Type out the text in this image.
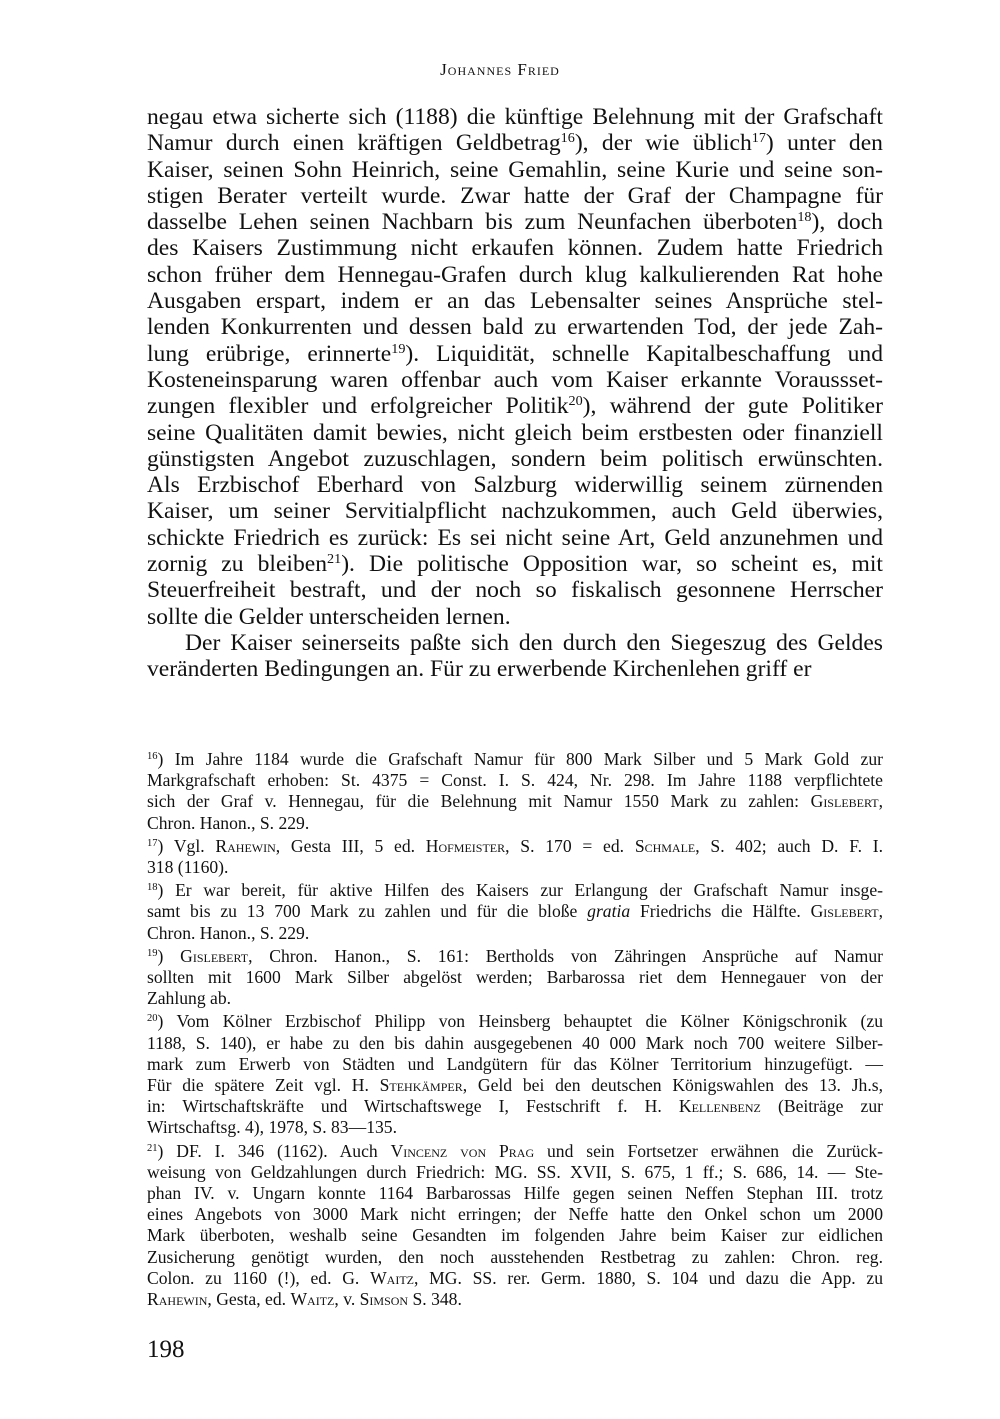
Johannes Fried

negau etwa sicherte sich (1188) die künftige Belehnung mit der Grafschaft

Namur durch einen kräftigen Geldbetrag$^{16}$), der wie üblich$^{17}$) unter den

Kaiser, seinen Sohn Heinrich, seine Gemahlin, seine Kurie und seine son-

stigen Berater verteilt wurde. Zwar hatte der Graf der Champagne für

dasselbe Lehen seinen Nachbarn bis zum Neunfachen überboten$^{18}$), doch

des Kaisers Zustimmung nicht erkaufen können. Zudem hatte Friedrich

schon früher dem Hennegau-Grafen durch klug kalkulierenden Rat hohe

Ausgaben erspart, indem er an das Lebensalter seines Ansprüche stel-

lenden Konkurrenten und dessen bald zu erwartenden Tod, der jede Zah-

lung erübrige, erinnerte$^{19}$). Liquidität, schnelle Kapitalbeschaffung und

Kosteneinsparung waren offenbar auch vom Kaiser erkannte Voraussset-

zungen flexibler und erfolgreicher Politik$^{20}$), während der gute Politiker

seine Qualitäten damit bewies, nicht gleich beim erstbesten oder finanziell

günstigsten Angebot zuzuschlagen, sondern beim politisch erwünschten.

Als Erzbischof Eberhard von Salzburg widerwillig seinem zürnenden

Kaiser, um seiner Servitialpflicht nachzukommen, auch Geld überwies,

schickte Friedrich es zurück: Es sei nicht seine Art, Geld anzunehmen und

zornig zu bleiben$^{21}$). Die politische Opposition war, so scheint es, mit

Steuerfreiheit bestraft, und der noch so fiskalisch gesonnene Herrscher

sollte die Gelder unterscheiden lernen.

Der Kaiser seinerseits paßte sich den durch den Siegeszug des Geldes

veränderten Bedingungen an. Für zu erwerbende Kirchenlehen griff er

$^{16}$) Im Jahre 1184 wurde die Grafschaft Namur für 800 Mark Silber und 5 Mark Gold zur
Markgrafschaft erhoben: St. 4375 = Const. I. S. 424, Nr. 298. Im Jahre 1188 verpflichtete
sich der Graf v. Hennegau, für die Belehnung mit Namur 1550 Mark zu zahlen: Gislebert,
Chron. Hanon., S. 229.
$^{17}$) Vgl. Rahewin, Gesta III, 5 ed. Hofmeister, S. 170 = ed. Schmale, S. 402; auch D. F. I.
318 (1160).
$^{18}$) Er war bereit, für aktive Hilfen des Kaisers zur Erlangung der Grafschaft Namur insge-
samt bis zu 13 700 Mark zu zahlen und für die bloße gratia Friedrichs die Hälfte. Gislebert,
Chron. Hanon., S. 229.
$^{19}$) Gislebert, Chron. Hanon., S. 161: Bertholds von Zähringen Ansprüche auf Namur
sollten mit 1600 Mark Silber abgelöst werden; Barbarossa riet dem Hennegauer von der
Zahlung ab.
$^{20}$) Vom Kölner Erzbischof Philipp von Heinsberg behauptet die Kölner Königschronik (zu
1188, S. 140), er habe zu den bis dahin ausgegebenen 40 000 Mark noch 700 weitere Silber-
mark zum Erwerb von Städten und Landgütern für das Kölner Territorium hinzugefügt. —
Für die spätere Zeit vgl. H. Stehkämper, Geld bei den deutschen Königswahlen des 13. Jh.s,
in: Wirtschaftskräfte und Wirtschaftswege I, Festschrift f. H. Kellenbenz (Beiträge zur
Wirtschaftsg. 4), 1978, S. 83—135.
$^{21}$) DF. I. 346 (1162). Auch Vincenz von Prag und sein Fortsetzer erwähnen die Zurück-
weisung von Geldzahlungen durch Friedrich: MG. SS. XVII, S. 675, 1 ff.; S. 686, 14. — Ste-
phan IV. v. Ungarn konnte 1164 Barbarossas Hilfe gegen seinen Neffen Stephan III. trotz
eines Angebots von 3000 Mark nicht erringen; der Neffe hatte den Onkel schon um 2000
Mark überboten, weshalb seine Gesandten im folgenden Jahre beim Kaiser zur eidlichen
Zusicherung genötigt wurden, den noch ausstehenden Restbetrag zu zahlen: Chron. reg.
Colon. zu 1160 (!), ed. G. Waitz, MG. SS. rer. Germ. 1880, S. 104 und dazu die App. zu
Rahewin, Gesta, ed. Waitz, v. Simson S. 348.
198
